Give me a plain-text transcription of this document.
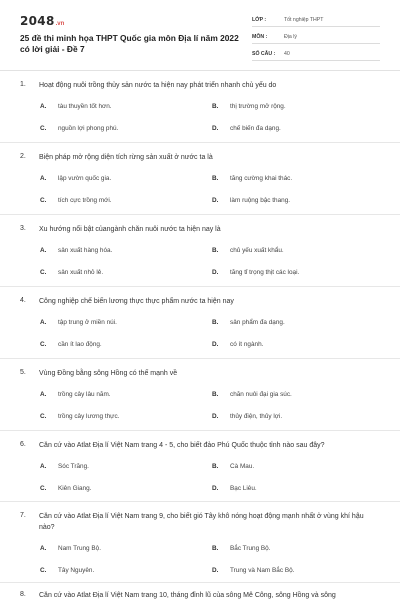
2048 .vn
25 đề thi minh họa THPT Quốc gia môn Địa lí năm 2022 có lời giải - Đề 7
LỚP :	Tốt nghiệp THPT
MÔN :	Địa lý
SỐ CÂU :	40
1.	Hoạt động nuôi trồng thủy sản nước ta hiện nay phát triển nhanh chủ yếu do
A.	tàu thuyền tốt hơn.	B.	thị trường mở rộng.
C.	nguồn lợi phong phú.	D.	chế biến đa dạng.
2.	Biện pháp mở rộng diện tích rừng sản xuất ở nước ta là
A.	lập vườn quốc gia.	B.	tăng cường khai thác.
C.	tích cực trồng mới.	D.	làm ruộng bậc thang.
3.	Xu hướng nổi bật củangành chăn nuôi nước ta hiện nay là
A.	sản xuất hàng hóa.	B.	chủ yếu xuất khẩu.
C.	sản xuất nhỏ lẻ.	D.	tăng tỉ trọng thịt các loại.
4.	Công nghiệp chế biến lương thực thực phẩm nước ta hiện nay
A.	tập trung ở miền núi.	B.	sản phẩm đa dạng.
C.	cần ít lao động.	D.	có ít ngành.
5.	Vùng Đồng bằng sông Hồng có thế mạnh về
A.	trồng cây lâu năm.	B.	chăn nuôi đại gia súc.
C.	trồng cây lương thực.	D.	thủy điện, thủy lợi.
6.	Căn cứ vào Atlat Địa lí Việt Nam trang 4 - 5, cho biết đảo Phú Quốc thuộc tỉnh nào sau đây?
A.	Sóc Trăng.	B.	Cà Mau.
C.	Kiên Giang.	D.	Bạc Liêu.
7.	Căn cứ vào Atlat Địa lí Việt Nam trang 9, cho biết gió Tây khô nóng hoạt động mạnh nhất ở vùng khí hậu nào?
A.	Nam Trung Bộ.	B.	Bắc Trung Bộ.
C.	Tây Nguyên.	D.	Trung và Nam Bắc Bộ.
8.	Căn cứ vào Atlat Địa lí Việt Nam trang 10, tháng đỉnh lũ của sông Mê Công, sông Hồng và sông
